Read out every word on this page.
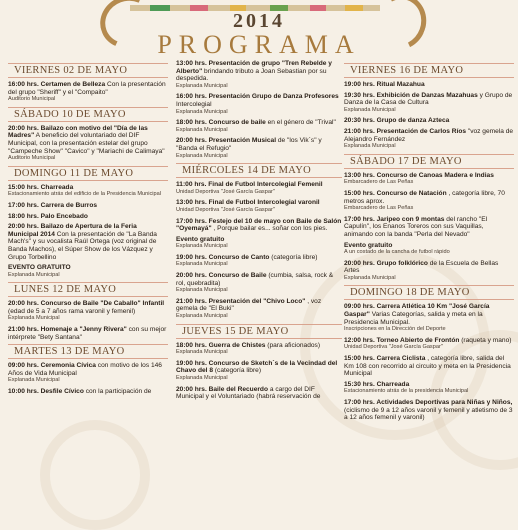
2014
PROGRAMA
VIERNES 02 DE MAYO
16:00 hrs. Certamen de Belleza Con la presentación del grupo "Sheriff" y el "Compaito"
Auditorio Municipal
SÁBADO 10 DE MAYO
20:00 hrs. Bailazo con motivo del "Día de las Madres" A beneficio del voluntariado del DIF Municipal, con la presentación estelar del grupo "Campeche Show" "Cavico" y "Mariachi de Calimaya"
Auditorio Municipal
DOMINGO 11 DE MAYO
15:00 hrs. Charreada
Estacionamiento atrás del edificio de la Presidencia Municipal
17:00 hrs. Carrera de Burros
18:00 hrs. Palo Encebado
20:00 hrs. Bailazo de Apertura de la Feria Municipal 2014 Con la presentación de "La Banda Mach's" y su vocalista Raúl Ortega (voz original de Banda Machos), el Súper Show de los Vázquez y Grupo Torbellino
EVENTO GRATUITO
Explanada Municipal
LUNES 12 DE MAYO
20:00 hrs. Concurso de Baile "De Caballo" Infantil (edad de 5 a 7 años rama varonil y femenil)
Explanada Municipal
21:00 hrs. Homenaje a "Jenny Rivera" con su mejor intérprete "Bety Santana"
MARTES 13 DE MAYO
09:00 hrs. Ceremonia Cívica con motivo de los 146 Años de Vida Municipal
Explanada Municipal
10:00 hrs. Desfile Cívico con la participación de
13:00 hrs. Presentación de grupo "Tren Rebelde y Alberto" brindando tributo a Joan Sebastian por su despedida.
Explanada Municipal
16:00 hrs. Presentación Grupo de Danza Profesores Intercolegial
Explanada Municipal
18:00 hrs. Concurso de baile en el género de "Trival"
Explanada Municipal
20:00 hrs. Presentación Musical de "los Vik´s" y "Banda el Refugio"
Explanada Municipal
MIÉRCOLES 14 DE MAYO
11:00 hrs. Final de Futbol Intercolegial Femenil
Unidad Deportiva "José García Gaspar"
13:00 hrs. Final de Futbol Intercolegial varonil
Unidad Deportiva "José García Gaspar"
17:00 hrs. Festejo del 10 de mayo con Baile de Salón "Oyemayá" , Porque bailar es... soñar con los pies.
Evento gratuito
Explanada Municipal
19:00 hrs. Concurso de Canto (categoría libre)
Explanada Municipal
20:00 hrs. Concurso de Baile (cumbia, salsa, rock & rol, quebradita)
Explanada Municipal
21:00 hrs. Presentación del "Chivo Loco" , voz gemela de "El Buki"
Explanada Municipal
JUEVES 15 DE MAYO
18:00 hrs. Guerra de Chistes (para aficionados)
Explanada Municipal
19:00 hrs. Concurso de Sketch´s de la Vecindad del Chavo del 8 (categoría libre)
Explanada Municipal
20:00 hrs. Baile del Recuerdo a cargo del DIF Municipal y el Voluntariado (habrá reservación de
VIERNES 16 DE MAYO
19:00 hrs. Ritual Mazahua
19:30 hrs. Exhibición de Danzas Mazahuas y Grupo de Danza de la Casa de Cultura
Explanada Municipal
20:30 hrs. Grupo de danza Azteca
21:00 hrs. Presentación de Carlos Ríos "voz gemela de Alejandro Fernández
Explanada Municipal
SÁBADO 17 DE MAYO
13:00 hrs. Concurso de Canoas Madera e Indias
Embarcadero de Las Peñas
15:00 hrs. Concurso de Natación , categoría libre, 70 metros aprox.
Embarcadero de Las Peñas
17:00 hrs. Jaripeo con 9 montas del rancho "El Capulín", los Enanos Toreros con sus Vaquillas, animando con la banda "Perla del Nevado"
Evento gratuito
A un costado de la cancha de futbol rápido
20:00 hrs. Grupo folklórico de la Escuela de Bellas Artes
Explanada Municipal
DOMINGO 18 DE MAYO
09:00 hrs. Carrera Atlética 10 Km "José García Gaspar" Varias Categorías, salida y meta en la Presidencia Municipal.
Inscripciones en la Dirección del Deporte
12:00 hrs. Torneo Abierto de Frontón (raqueta y mano)
Unidad Deportiva "José García Gaspar"
15:00 hrs. Carrera Ciclista , categoría libre, salida del Km 108 con recorrido al circuito y meta en la Presidencia Municipal
15:30 hrs. Charreada
Estacionamiento atrás de la presidencia Municipal
17:00 hrs. Actividades Deportivas para Niñas y Niños, (ciclismo de 9 a 12 años varonil y femenil y atletismo de 3 a 12 años femenil y varonil)
